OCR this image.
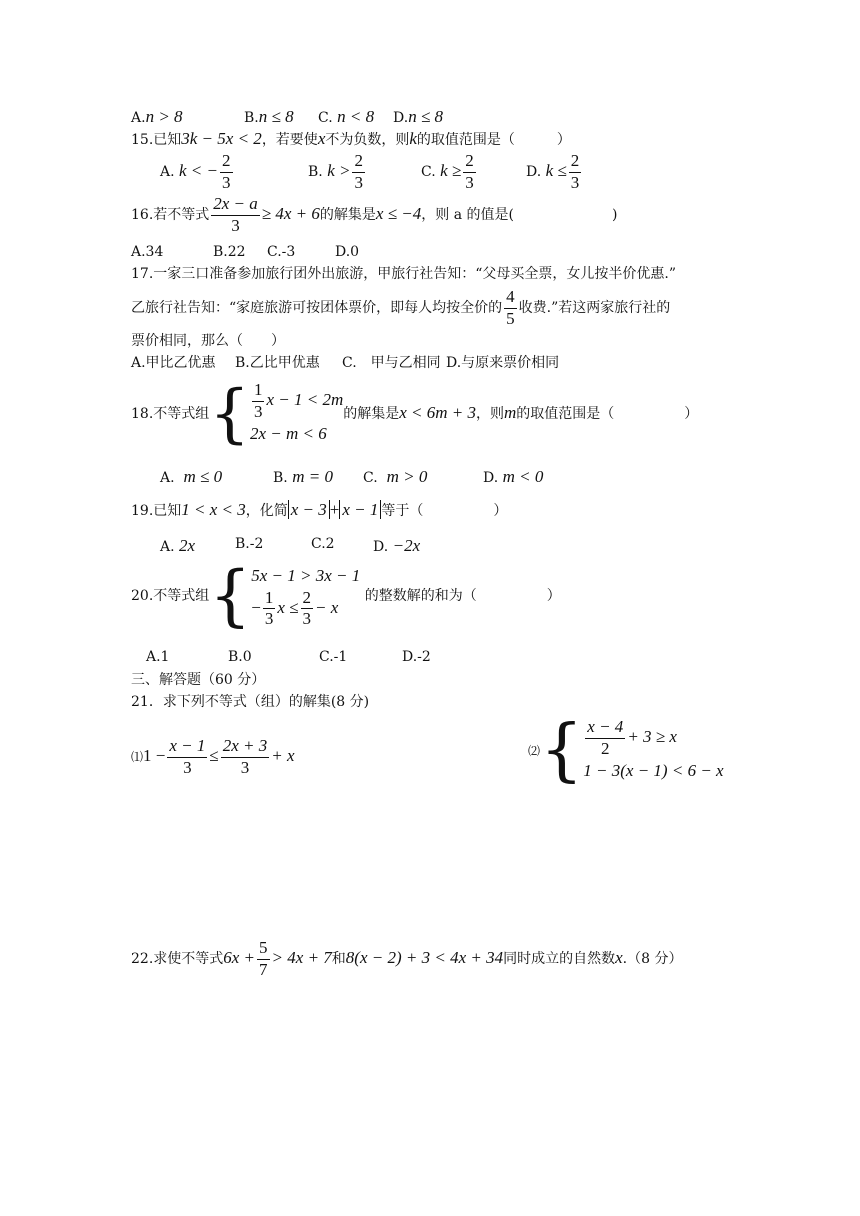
A.n > 8	B.n ≤ 8 C. n < 8 D.n ≤ 8
15.已知3k − 5x < 2，若要使x不为负数，则k的取值范围是（　　　）
A. k < − $\frac{2}{3}$	B. $k > \frac{2}{3}$	C. $k \ge \frac{2}{3}$	D. $k \le \frac{2}{3}$
16.若不等式 $\frac{2x - a}{3} \ge 4x + 6$的解集是x ≤ −4，则 a 的值是(　　　　　　　)
A.34	B.22 C.-3	D.0
17.一家三口准备参加旅行团外出旅游，甲旅行社告知：“父母买全票，女儿按半价优惠.”
乙旅行社告知：“家庭旅游可按团体票价，即每人均按全价的 $\frac{4}{5}$ 收费.”若这两家旅行社的
票价相同，那么（　　）
A.甲比乙优惠 B.乙比甲优惠 C.　甲与乙相同 D.与原来票价相同
18.不等式组{ $\frac{1}{3}$ x − 1 < 2m
2x − m < 6
的解集是x < 6m + 3，则m的取值范围是（　　　　　）
A. m ≤ 0	B. m = 0 C. m > 0	D. m < 0
19.已知1 < x < 3，化简 x − 3 + x − 1 等于（　　　　　）
A. 2x	B.-2	C.2	D. −2x
20.不等式组{ 5x − 1 > 3x − 1
− $\frac{1}{3}$ $x \le \frac{2}{3} - x$
的整数解的和为（　　　　　）
A.1	B.0	C.-1	D.-2
三、解答题（60 分）
21．求下列不等式（组）的解集(8 分)
⑴1 − $\frac{x - 1}{3} \le \frac{2x + 3}{3} + x$	⑵{ $\frac{x - 4}{2} + 3 \ge x$
1 − 3(x − 1) < 6 − x
22.求使不等式$6x + \frac{5}{7} > 4x + 7$和8(x − 2) + 3 < 4x + 34同时成立的自然数x.（8 分）
